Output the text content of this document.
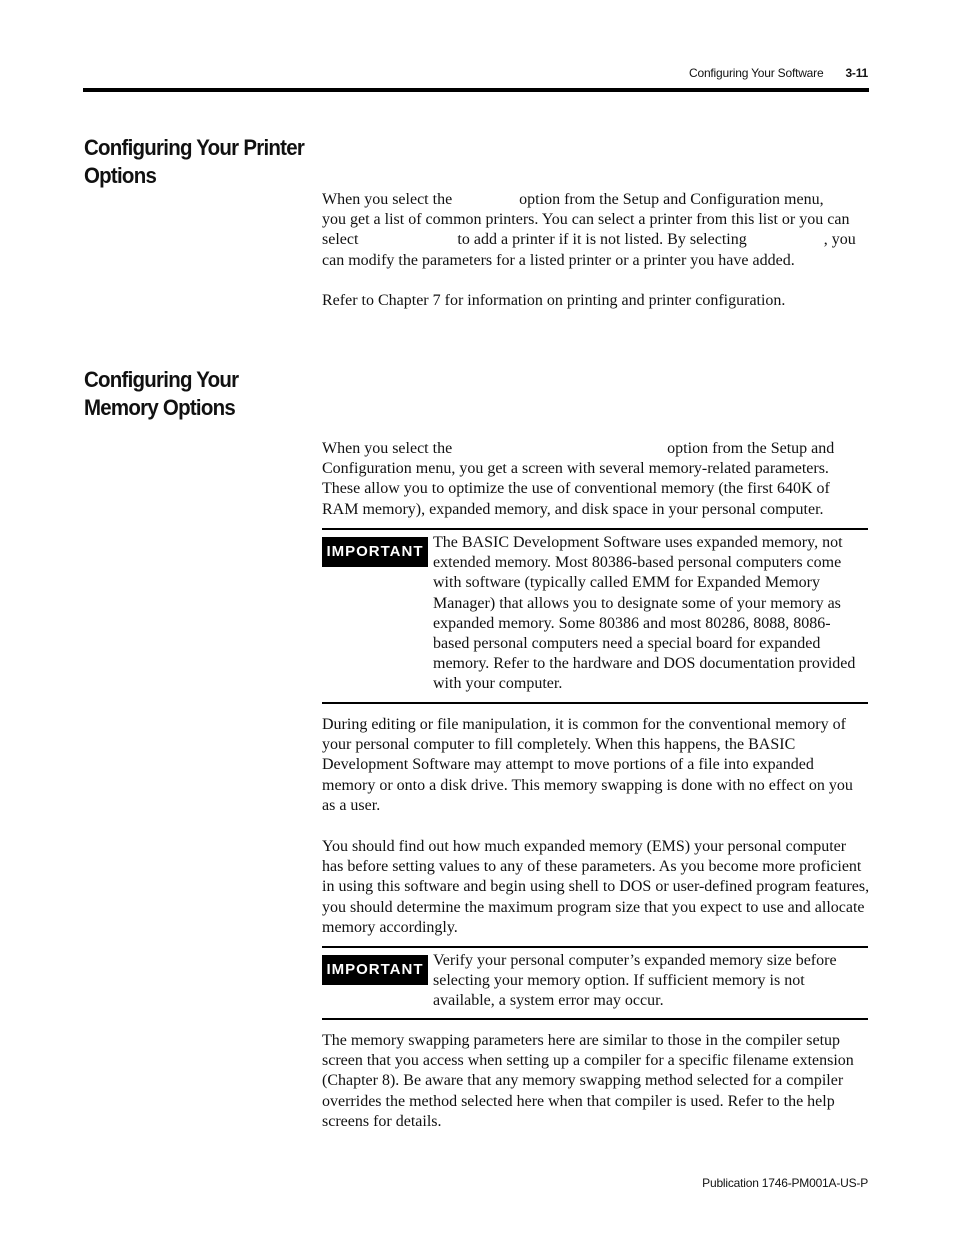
Configuring Your Software 3-11
Configuring Your Printer
Options
When you select the	option from the Setup and Configuration menu,
you get a list of common printers. You can select a printer from this list or you can
select	to add a printer if it is not listed. By selecting	, you
can modify the parameters for a listed printer or a printer you have added.

Refer to Chapter 7 for information on printing and printer configuration.

Configuring Your
Memory Options
When you select the	option from the Setup and
Configuration menu, you get a screen with several memory-related parameters.
These allow you to optimize the use of conventional memory (the first 640K of
RAM memory), expanded memory, and disk space in your personal computer.
IMPORTANT
The BASIC Development Software uses expanded memory, not extended memory. Most 80386-based personal computers come with software (typically called EMM for Expanded Memory Manager) that allows you to designate some of your memory as expanded memory. Some 80386 and most 80286, 8088, 8086-based personal computers need a special board for expanded memory. Refer to the hardware and DOS documentation provided with your computer.

During editing or file manipulation, it is common for the conventional memory of your personal computer to fill completely. When this happens, the BASIC Development Software may attempt to move portions of a file into expanded memory or onto a disk drive. This memory swapping is done with no effect on you as a user.

You should find out how much expanded memory (EMS) your personal computer has before setting values to any of these parameters. As you become more proficient in using this software and begin using shell to DOS or user-defined program features, you should determine the maximum program size that you expect to use and allocate memory accordingly.

IMPORTANT
Verify your personal computer’s expanded memory size before selecting your memory option. If sufficient memory is not available, a system error may occur.

The memory swapping parameters here are similar to those in the compiler setup screen that you access when setting up a compiler for a specific filename extension (Chapter 8). Be aware that any memory swapping method selected for a compiler overrides the method selected here when that compiler is used. Refer to the help screens for details.

Publication 1746-PM001A-US-P
